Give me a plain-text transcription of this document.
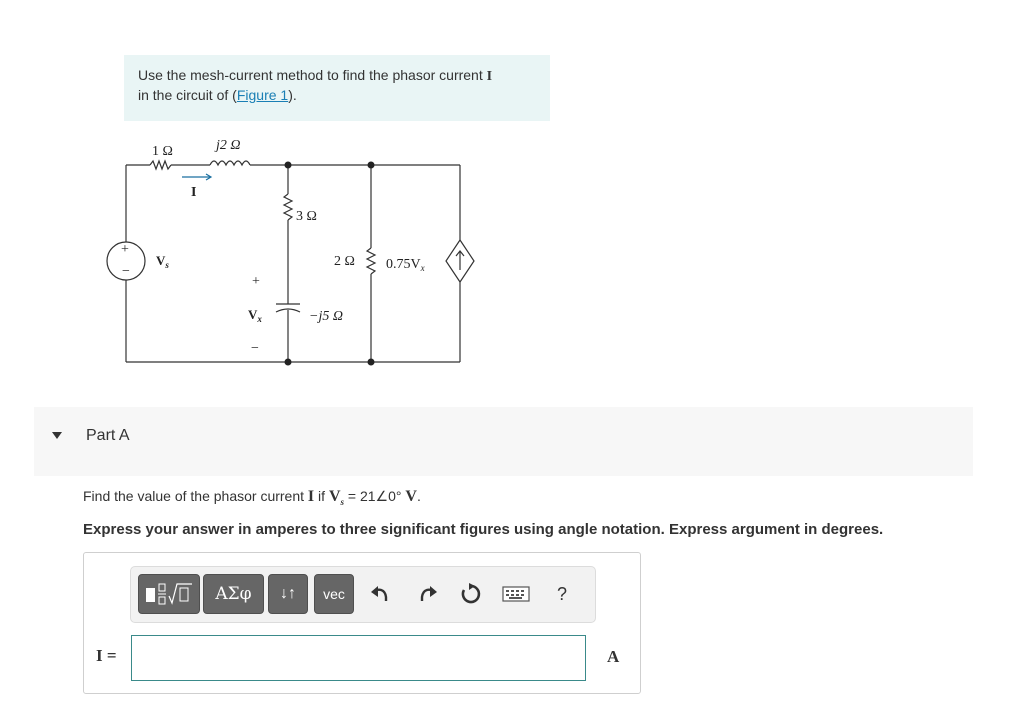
Use the mesh-current method to find the phasor current I
in the circuit of (Figure 1).
1 Ω	j2 Ω
I
3 Ω
+
−
$V_s$	2 Ω $0.75V_x$
+
$V_x$
−
−j5 Ω
Part A
Find the value of the phasor current I if $V_s$ = 21∠0° V.
Express your answer in amperes to three significant figures using angle notation. Express argument in degrees.
ΑΣφ	↓↑	vec	?
I =	A
